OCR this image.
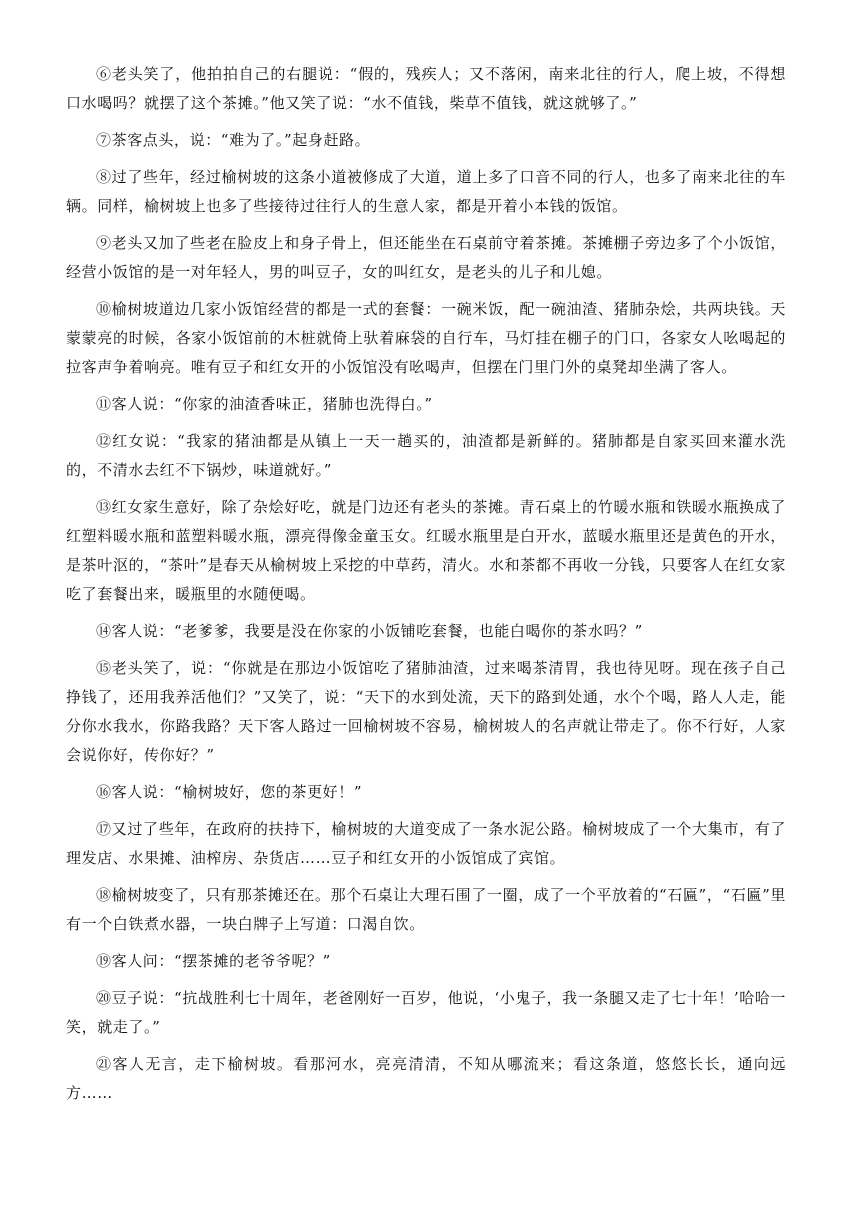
⑥老头笑了，他拍拍自己的右腿说：“假的，残疾人；又不落闲，南来北往的行人，爬上坡，不得想口水喝吗？就摆了这个茶摊。”他又笑了说：“水不值钱，柴草不值钱，就这就够了。”

⑦茶客点头，说：“难为了。”起身赶路。

⑧过了些年，经过榆树坡的这条小道被修成了大道，道上多了口音不同的行人，也多了南来北往的车辆。同样，榆树坡上也多了些接待过往行人的生意人家，都是开着小本钱的饭馆。

⑨老头又加了些老在脸皮上和身子骨上，但还能坐在石桌前守着茶摊。茶摊棚子旁边多了个小饭馆，经营小饭馆的是一对年轻人，男的叫豆子，女的叫红女，是老头的儿子和儿媳。

⑩榆树坡道边几家小饭馆经营的都是一式的套餐：一碗米饭，配一碗油渣、猪肺杂烩，共两块钱。天蒙蒙亮的时候，各家小饭馆前的木桩就倚上驮着麻袋的自行车，马灯挂在棚子的门口，各家女人吆喝起的拉客声争着响亮。唯有豆子和红女开的小饭馆没有吆喝声，但摆在门里门外的桌凳却坐满了客人。

⑪客人说：“你家的油渣香味正，猪肺也洗得白。”

⑫红女说：“我家的猪油都是从镇上一天一趟买的，油渣都是新鲜的。猪肺都是自家买回来灌水洗的，不清水去红不下锅炒，味道就好。”

⑬红女家生意好，除了杂烩好吃，就是门边还有老头的茶摊。青石桌上的竹暖水瓶和铁暖水瓶换成了红塑料暖水瓶和蓝塑料暖水瓶，漂亮得像金童玉女。红暖水瓶里是白开水，蓝暖水瓶里还是黄色的开水，是茶叶沤的，“茶叶”是春天从榆树坡上采挖的中草药，清火。水和茶都不再收一分钱，只要客人在红女家吃了套餐出来，暖瓶里的水随便喝。

⑭客人说：“老爹爹，我要是没在你家的小饭铺吃套餐，也能白喝你的茶水吗？”

⑮老头笑了，说：“你就是在那边小饭馆吃了猪肺油渣，过来喝茶清胃，我也待见呀。现在孩子自己挣钱了，还用我养活他们？”又笑了，说：“天下的水到处流，天下的路到处通，水个个喝，路人人走，能分你水我水，你路我路？天下客人路过一回榆树坡不容易，榆树坡人的名声就让带走了。你不行好，人家会说你好，传你好？”

⑯客人说：“榆树坡好，您的茶更好！”

⑰又过了些年，在政府的扶持下，榆树坡的大道变成了一条水泥公路。榆树坡成了一个大集市，有了理发店、水果摊、油榨房、杂货店……豆子和红女开的小饭馆成了宾馆。

⑱榆树坡变了，只有那茶摊还在。那个石桌让大理石围了一圈，成了一个平放着的“石匾”，“石匾”里有一个白铁煮水器，一块白牌子上写道：口渴自饮。

⑲客人问：“摆茶摊的老爷爷呢？”

⑳豆子说：“抗战胜利七十周年，老爸刚好一百岁，他说，‘小鬼子，我一条腿又走了七十年！’哈哈一笑，就走了。”

㉑客人无言，走下榆树坡。看那河水，亮亮清清，不知从哪流来；看这条道，悠悠长长，通向远方……
